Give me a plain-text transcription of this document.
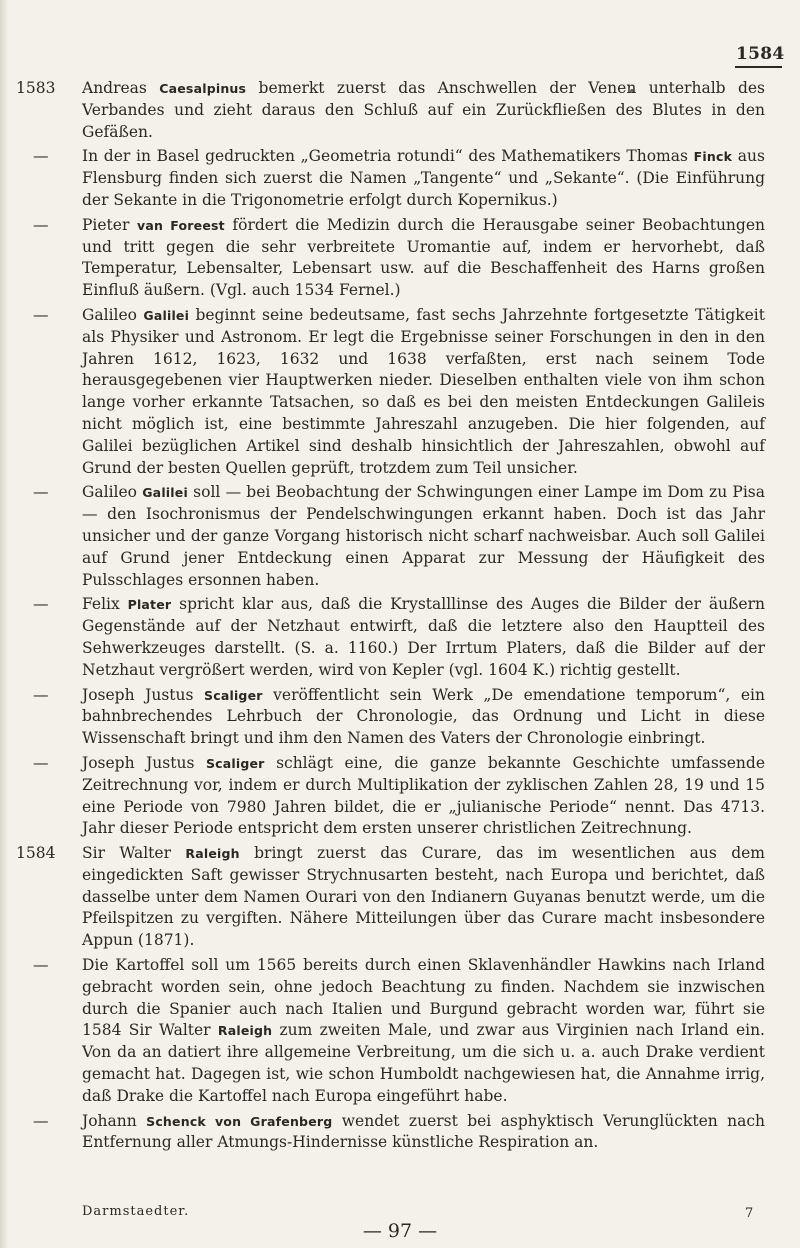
1584
1583 Andreas Caesalpinus bemerkt zuerst das Anschwellen der Venen unterhalb des Verbandes und zieht daraus den Schluß auf ein Zurückfließen des Blutes in den Gefäßen.
—	In der in Basel gedruckten „Geometria rotundi“ des Mathematikers Thomas Finck aus Flensburg finden sich zuerst die Namen „Tangente“ und „Sekante“. (Die Einführung der Sekante in die Trigonometrie erfolgt durch Kopernikus.)
—	Pieter van Foreest fördert die Medizin durch die Herausgabe seiner Beobachtungen und tritt gegen die sehr verbreitete Uromantie auf, indem er hervorhebt, daß Temperatur, Lebensalter, Lebensart usw. auf die Beschaffenheit des Harns großen Einfluß äußern. (Vgl. auch 1534 Fernel.)
—	Galileo Galilei beginnt seine bedeutsame, fast sechs Jahrzehnte fortgesetzte Tätigkeit als Physiker und Astronom. Er legt die Ergebnisse seiner Forschungen in den in den Jahren 1612, 1623, 1632 und 1638 verfaßten, erst nach seinem Tode herausgegebenen vier Hauptwerken nieder. Dieselben enthalten viele von ihm schon lange vorher erkannte Tatsachen, so daß es bei den meisten Entdeckungen Galileis nicht möglich ist, eine bestimmte Jahreszahl anzugeben. Die hier folgenden, auf Galilei bezüglichen Artikel sind deshalb hinsichtlich der Jahreszahlen, obwohl auf Grund der besten Quellen geprüft, trotzdem zum Teil unsicher.
—	Galileo Galilei soll — bei Beobachtung der Schwingungen einer Lampe im Dom zu Pisa — den Isochronismus der Pendelschwingungen erkannt haben. Doch ist das Jahr unsicher und der ganze Vorgang historisch nicht scharf nachweisbar. Auch soll Galilei auf Grund jener Entdeckung einen Apparat zur Messung der Häufigkeit des Pulsschlages ersonnen haben.
—	Felix Plater spricht klar aus, daß die Krystalllinse des Auges die Bilder der äußern Gegenstände auf der Netzhaut entwirft, daß die letztere also den Hauptteil des Sehwerkzeuges darstellt. (S. a. 1160.) Der Irrtum Platers, daß die Bilder auf der Netzhaut vergrößert werden, wird von Kepler (vgl. 1604 K.) richtig gestellt.
—	Joseph Justus Scaliger veröffentlicht sein Werk „De emendatione temporum“, ein bahnbrechendes Lehrbuch der Chronologie, das Ordnung und Licht in diese Wissenschaft bringt und ihm den Namen des Vaters der Chronologie einbringt.
—	Joseph Justus Scaliger schlägt eine, die ganze bekannte Geschichte umfassende Zeitrechnung vor, indem er durch Multiplikation der zyklischen Zahlen 28, 19 und 15 eine Periode von 7980 Jahren bildet, die er „julianische Periode“ nennt. Das 4713. Jahr dieser Periode entspricht dem ersten unserer christlichen Zeitrechnung.
1584 Sir Walter Raleigh bringt zuerst das Curare, das im wesentlichen aus dem eingedickten Saft gewisser Strychnusarten besteht, nach Europa und berichtet, daß dasselbe unter dem Namen Ourari von den Indianern Guyanas benutzt werde, um die Pfeilspitzen zu vergiften. Nähere Mitteilungen über das Curare macht insbesondere Appun (1871).
—	Die Kartoffel soll um 1565 bereits durch einen Sklavenhändler Hawkins nach Irland gebracht worden sein, ohne jedoch Beachtung zu finden. Nachdem sie inzwischen durch die Spanier auch nach Italien und Burgund gebracht worden war, führt sie 1584 Sir Walter Raleigh zum zweiten Male, und zwar aus Virginien nach Irland ein. Von da an datiert ihre allgemeine Verbreitung, um die sich u. a. auch Drake verdient gemacht hat. Dagegen ist, wie schon Humboldt nachgewiesen hat, die Annahme irrig, daß Drake die Kartoffel nach Europa eingeführt habe.
—	Johann Schenck von Grafenberg wendet zuerst bei asphyktisch Verunglückten nach Entfernung aller Atmungs-Hindernisse künstliche Respiration an.
Darmstaedter.	7
— 97 —
